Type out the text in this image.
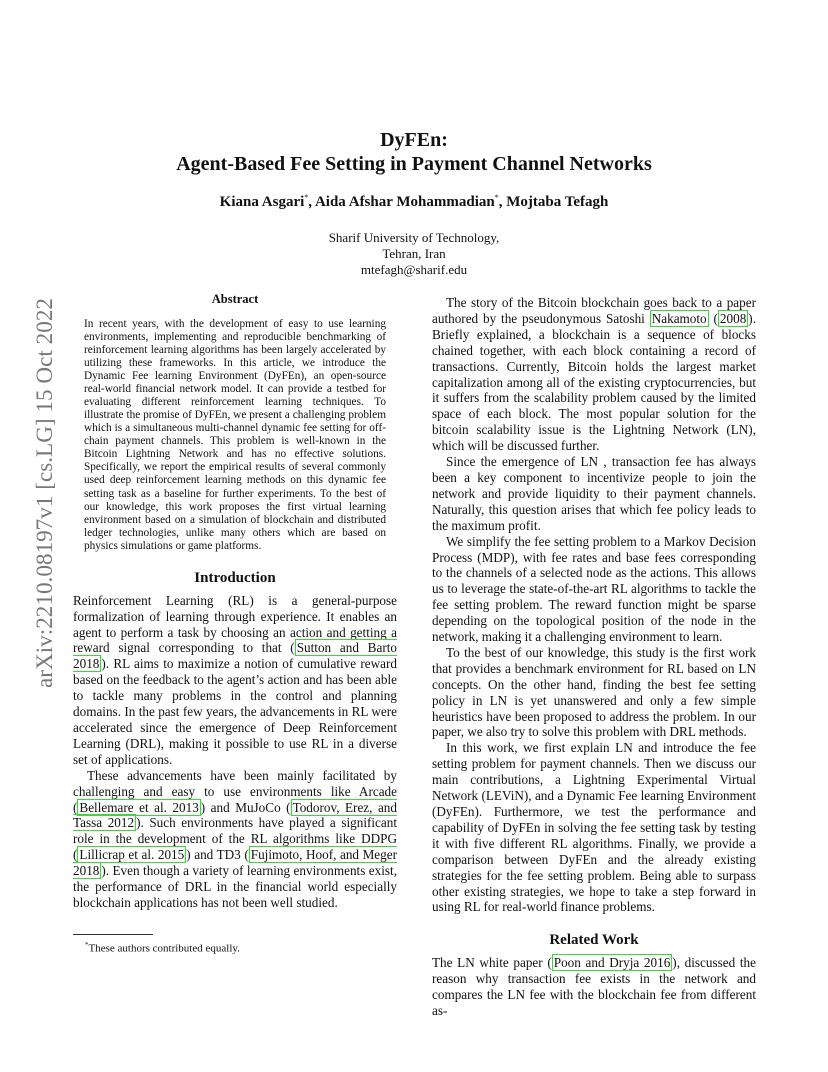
arXiv:2210.08197v1 [cs.LG] 15 Oct 2022
DyFEn:
Agent-Based Fee Setting in Payment Channel Networks
Kiana Asgari*, Aida Afshar Mohammadian*, Mojtaba Tefagh
Sharif University of Technology,
Tehran, Iran
mtefagh@sharif.edu
Abstract
In recent years, with the development of easy to use learning environments, implementing and reproducible benchmarking of reinforcement learning algorithms has been largely accelerated by utilizing these frameworks. In this article, we introduce the Dynamic Fee learning Environment (DyFEn), an open-source real-world financial network model. It can provide a testbed for evaluating different reinforcement learning techniques. To illustrate the promise of DyFEn, we present a challenging problem which is a simultaneous multi-channel dynamic fee setting for off-chain payment channels. This problem is well-known in the Bitcoin Lightning Network and has no effective solutions. Specifically, we report the empirical results of several commonly used deep reinforcement learning methods on this dynamic fee setting task as a baseline for further experiments. To the best of our knowledge, this work proposes the first virtual learning environment based on a simulation of blockchain and distributed ledger technologies, unlike many others which are based on physics simulations or game platforms.
Introduction

Reinforcement Learning (RL) is a general-purpose formalization of learning through experience. It enables an agent to perform a task by choosing an action and getting a reward signal corresponding to that ( Sutton and Barto 2018 ). RL aims to maximize a notion of cumulative reward based on the feedback to the agent’s action and has been able to tackle many problems in the control and planning domains. In the past few years, the advancements in RL were accelerated since the emergence of Deep Reinforcement Learning (DRL), making it possible to use RL in a diverse set of applications.

These advancements have been mainly facilitated by challenging and easy to use environments like Arcade ( Bellemare et al. 2013 ) and MuJoCo ( Todorov, Erez, and Tassa 2012 ). Such environments have played a significant role in the development of the RL algorithms like DDPG ( Lillicrap et al. 2015 ) and TD3 ( Fujimoto, Hoof, and Meger 2018 ). Even though a variety of learning environments exist, the performance of DRL in the financial world especially blockchain applications has not been well studied.

The story of the Bitcoin blockchain goes back to a paper authored by the pseudonymous Satoshi Nakamoto ( 2008 ). Briefly explained, a blockchain is a sequence of blocks chained together, with each block containing a record of transactions. Currently, Bitcoin holds the largest market capitalization among all of the existing cryptocurrencies, but it suffers from the scalability problem caused by the limited space of each block. The most popular solution for the bitcoin scalability issue is the Lightning Network (LN), which will be discussed further.

Since the emergence of LN , transaction fee has always been a key component to incentivize people to join the network and provide liquidity to their payment channels. Naturally, this question arises that which fee policy leads to the maximum profit.

We simplify the fee setting problem to a Markov Decision Process (MDP), with fee rates and base fees corresponding to the channels of a selected node as the actions. This allows us to leverage the state-of-the-art RL algorithms to tackle the fee setting problem. The reward function might be sparse depending on the topological position of the node in the network, making it a challenging environment to learn.

To the best of our knowledge, this study is the first work that provides a benchmark environment for RL based on LN concepts. On the other hand, finding the best fee setting policy in LN is yet unanswered and only a few simple heuristics have been proposed to address the problem. In our paper, we also try to solve this problem with DRL methods.

In this work, we first explain LN and introduce the fee setting problem for payment channels. Then we discuss our main contributions, a Lightning Experimental Virtual Network (LEViN), and a Dynamic Fee learning Environment (DyFEn). Furthermore, we test the performance and capability of DyFEn in solving the fee setting task by testing it with five different RL algorithms. Finally, we provide a comparison between DyFEn and the already existing strategies for the fee setting problem. Being able to surpass other existing strategies, we hope to take a step forward in using RL for real-world finance problems.

Related Work

The LN white paper ( Poon and Dryja 2016 ), discussed the reason why transaction fee exists in the network and compares the LN fee with the blockchain fee from different as-

*These authors contributed equally.
